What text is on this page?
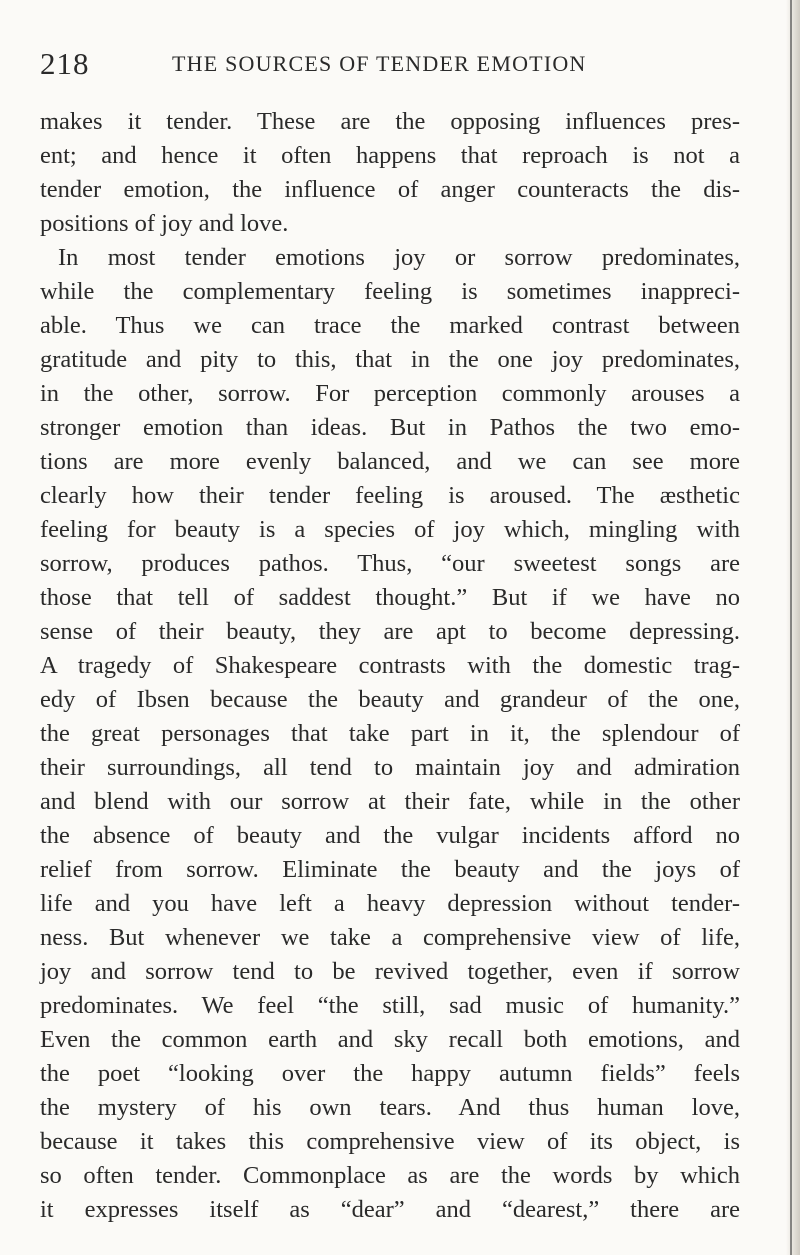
218	THE SOURCES OF TENDER EMOTION
makes it tender. These are the opposing influences pres-
ent; and hence it often happens that reproach is not a
tender emotion, the influence of anger counteracts the dis-
positions of joy and love.
In most tender emotions joy or sorrow predominates,
while the complementary feeling is sometimes inappreci-
able. Thus we can trace the marked contrast between
gratitude and pity to this, that in the one joy predominates,
in the other, sorrow. For perception commonly arouses a
stronger emotion than ideas. But in Pathos the two emo-
tions are more evenly balanced, and we can see more
clearly how their tender feeling is aroused. The æsthetic
feeling for beauty is a species of joy which, mingling with
sorrow, produces pathos. Thus, “our sweetest songs are
those that tell of saddest thought.” But if we have no
sense of their beauty, they are apt to become depressing.
A tragedy of Shakespeare contrasts with the domestic trag-
edy of Ibsen because the beauty and grandeur of the one,
the great personages that take part in it, the splendour of
their surroundings, all tend to maintain joy and admiration
and blend with our sorrow at their fate, while in the other
the absence of beauty and the vulgar incidents afford no
relief from sorrow. Eliminate the beauty and the joys of
life and you have left a heavy depression without tender-
ness. But whenever we take a comprehensive view of life,
joy and sorrow tend to be revived together, even if sorrow
predominates. We feel “the still, sad music of humanity.”
Even the common earth and sky recall both emotions, and
the poet “looking over the happy autumn fields” feels
the mystery of his own tears. And thus human love,
because it takes this comprehensive view of its object, is
so often tender. Commonplace as are the words by which
it expresses itself as “dear” and “dearest,” there are
